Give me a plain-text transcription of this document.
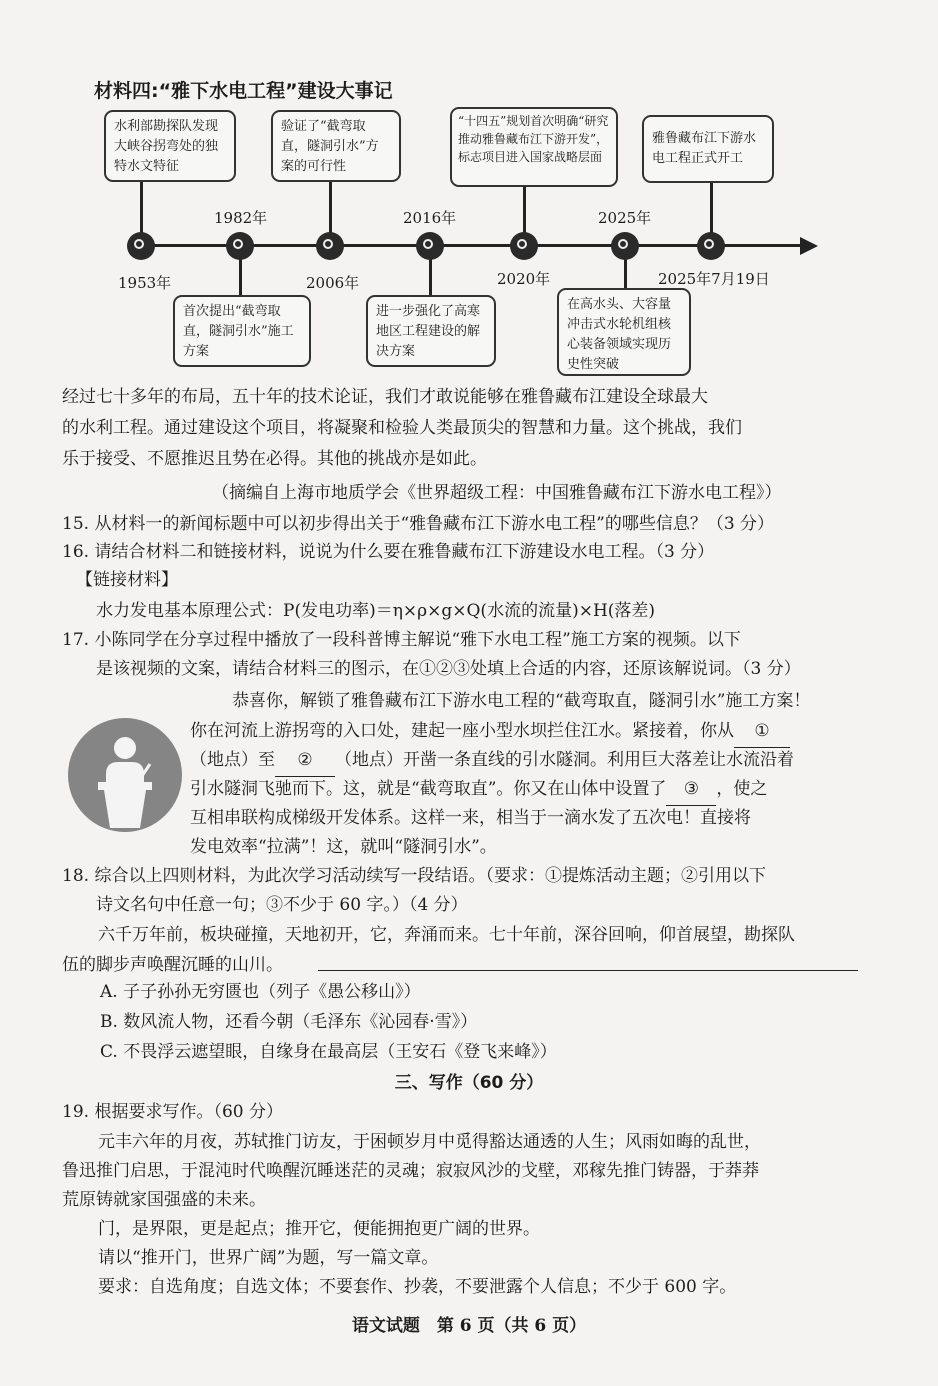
材料四:“雅下水电工程”建设大事记
1953年
1982年
2006年
2016年
2020年
2025年
2025年7月19日
水利部勘探队发现大峡谷拐弯处的独特水文特征
首次提出“截弯取直，隧洞引水”施工方案
验证了“截弯取直，隧洞引水”方案的可行性
进一步强化了高寒地区工程建设的解决方案
“十四五”规划首次明确“研究推动雅鲁藏布江下游开发”，标志项目进入国家战略层面
在高水头、大容量冲击式水轮机组核心装备领域实现历史性突破
雅鲁藏布江下游水电工程正式开工
经过七十多年的布局，五十年的技术论证，我们才敢说能够在雅鲁藏布江建设全球最大
的水利工程。通过建设这个项目，将凝聚和检验人类最顶尖的智慧和力量。这个挑战，我们
乐于接受、不愿推迟且势在必得。其他的挑战亦是如此。
（摘编自上海市地质学会《世界超级工程：中国雅鲁藏布江下游水电工程》）
15. 从材料一的新闻标题中可以初步得出关于“雅鲁藏布江下游水电工程”的哪些信息？（3 分）
16. 请结合材料二和链接材料，说说为什么要在雅鲁藏布江下游建设水电工程。（3 分）
【链接材料】
水力发电基本原理公式：P(发电功率)＝η×ρ×g×Q(水流的流量)×H(落差)
17. 小陈同学在分享过程中播放了一段科普博主解说“雅下水电工程”施工方案的视频。以下
是该视频的文案，请结合材料三的图示，在①②③处填上合适的内容，还原该解说词。（3 分）
恭喜你，解锁了雅鲁藏布江下游水电工程的“截弯取直，隧洞引水”施工方案！
你在河流上游拐弯的入口处，建起一座小型水坝拦住江水。紧接着，你从 ①
（地点）至 ② （地点）开凿一条直线的引水隧洞。利用巨大落差让水流沿着
引水隧洞飞驰而下。这，就是“截弯取直”。你又在山体中设置了 ③ ，使之
互相串联构成梯级开发体系。这样一来，相当于一滴水发了五次电！直接将
发电效率“拉满”！这，就叫“隧洞引水”。
18. 综合以上四则材料，为此次学习活动续写一段结语。（要求：①提炼活动主题；②引用以下
诗文名句中任意一句；③不少于 60 字。）（4 分）
六千万年前，板块碰撞，天地初开，它，奔涌而来。七十年前，深谷回响，仰首展望，勘探队
伍的脚步声唤醒沉睡的山川。
A. 子子孙孙无穷匮也（列子《愚公移山》）
B. 数风流人物，还看今朝（毛泽东《沁园春·雪》）
C. 不畏浮云遮望眼，自缘身在最高层（王安石《登飞来峰》）
三、写作（60 分）
19. 根据要求写作。（60 分）
元丰六年的月夜，苏轼推门访友，于困顿岁月中觅得豁达通透的人生；风雨如晦的乱世，
鲁迅推门启思，于混沌时代唤醒沉睡迷茫的灵魂；寂寂风沙的戈壁，邓稼先推门铸器，于莽莽
荒原铸就家国强盛的未来。
门，是界限，更是起点；推开它，便能拥抱更广阔的世界。
请以“推开门，世界广阔”为题，写一篇文章。
要求：自选角度；自选文体；不要套作、抄袭，不要泄露个人信息；不少于 600 字。
语文试题　第 6 页（共 6 页）
